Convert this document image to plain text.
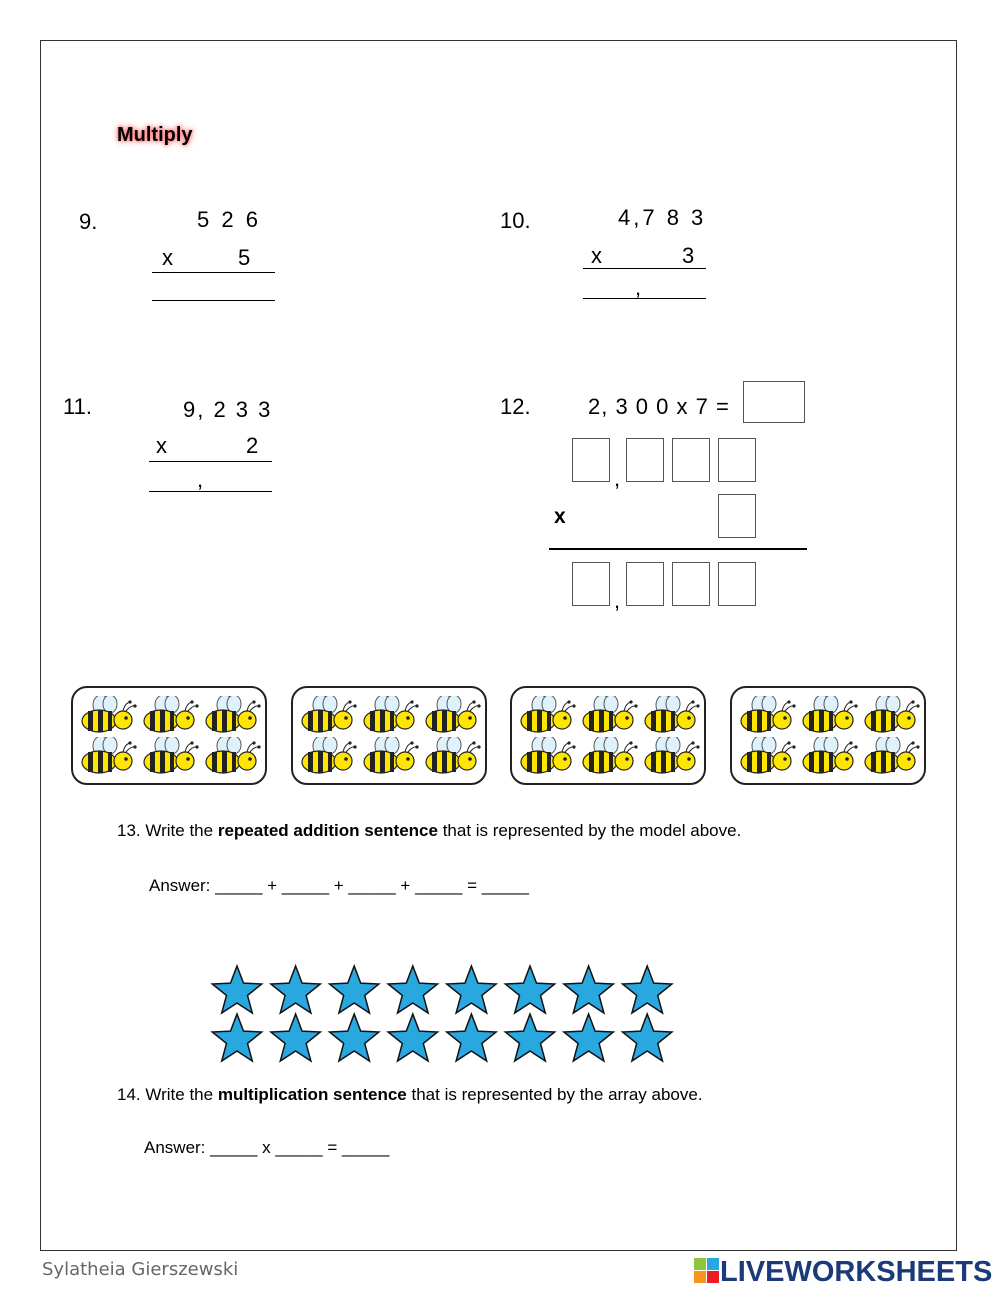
Multiply
9.	5 2 6
x	5
10.	4,7 8 3
x	3
,
11.	9, 2 3 3
x	2
,
12.	2, 3 0 0 x 7 =
,
x
,
13. Write the repeated addition sentence that is represented by the model above.
Answer: _____ + _____ + _____ + _____ = _____
14. Write the multiplication sentence that is represented by the array above.
Answer: _____ x _____ = _____
Sylatheia Gierszewski	LIVEWORKSHEETS
